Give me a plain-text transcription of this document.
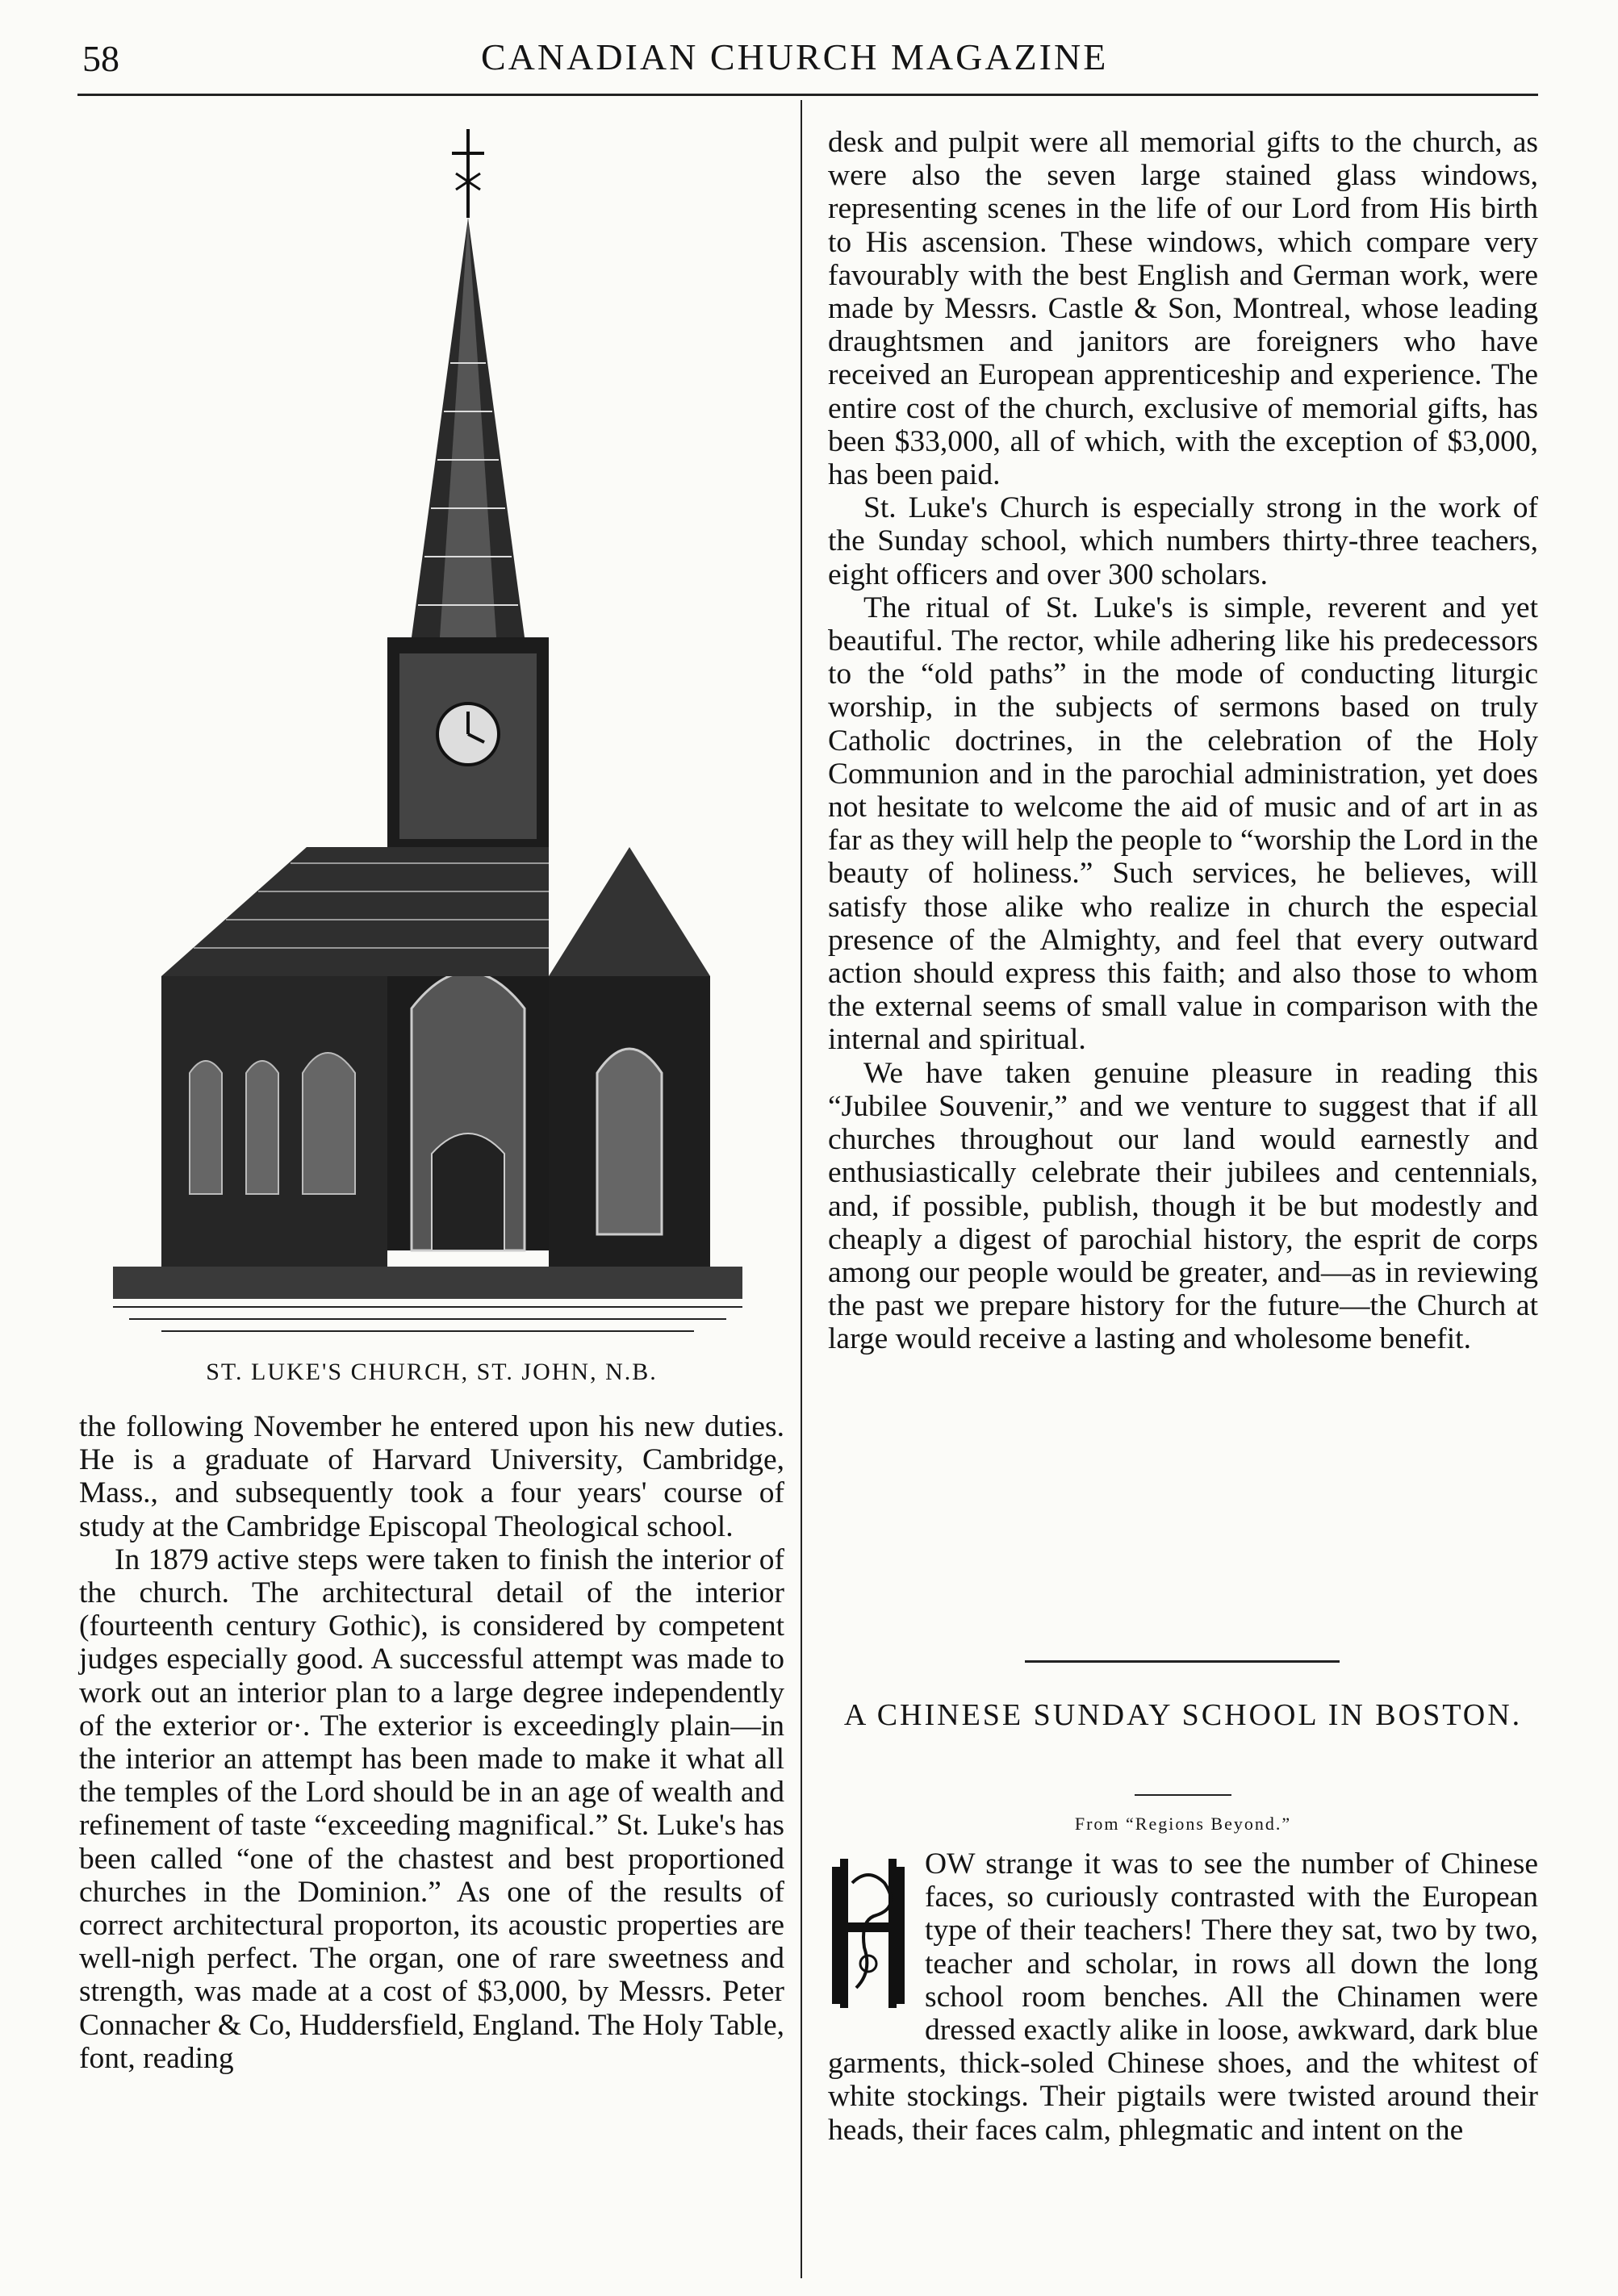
58	CANADIAN CHURCH MAGAZINE
ST. LUKE'S CHURCH, ST. JOHN, N.B.

the following November he entered upon his new duties. He is a graduate of Harvard University, Cambridge, Mass., and subsequently took a four years' course of study at the Cambridge Episcopal Theological school.

In 1879 active steps were taken to finish the interior of the church. The architectural detail of the interior (fourteenth century Gothic), is considered by competent judges especially good. A successful attempt was made to work out an interior plan to a large degree independently of the exterior or·. The exterior is exceedingly plain—in the interior an attempt has been made to make it what all the temples of the Lord should be in an age of wealth and refinement of taste “exceeding magnifical.” St. Luke's has been called “one of the chastest and best proportioned churches in the Dominion.” As one of the results of correct architectural proporton, its acoustic properties are well-nigh perfect. The organ, one of rare sweetness and strength, was made at a cost of $3,000, by Messrs. Peter Connacher & Co, Huddersfield, England. The Holy Table, font, reading

desk and pulpit were all memorial gifts to the church, as were also the seven large stained glass windows, representing scenes in the life of our Lord from His birth to His ascension. These windows, which compare very favourably with the best English and German work, were made by Messrs. Castle & Son, Montreal, whose leading draughtsmen and janitors are foreigners who have received an European apprenticeship and experience. The entire cost of the church, exclusive of memorial gifts, has been $33,000, all of which, with the exception of $3,000, has been paid.

St. Luke's Church is especially strong in the work of the Sunday school, which numbers thirty-three teachers, eight officers and over 300 scholars.

The ritual of St. Luke's is simple, reverent and yet beautiful. The rector, while adhering like his predecessors to the “old paths” in the mode of conducting liturgic worship, in the subjects of sermons based on truly Catholic doctrines, in the celebration of the Holy Communion and in the parochial administration, yet does not hesitate to welcome the aid of music and of art in as far as they will help the people to “worship the Lord in the beauty of holiness.” Such services, he believes, will satisfy those alike who realize in church the especial presence of the Almighty, and feel that every outward action should express this faith; and also those to whom the external seems of small value in comparison with the internal and spiritual.

We have taken genuine pleasure in reading this “Jubilee Souvenir,” and we venture to suggest that if all churches throughout our land would earnestly and enthusiastically celebrate their jubilees and centennials, and, if possible, publish, though it be but modestly and cheaply a digest of parochial history, the esprit de corps among our people would be greater, and—as in reviewing the past we prepare history for the future—the Church at large would receive a lasting and wholesome benefit.

A CHINESE SUNDAY SCHOOL IN BOSTON.
From “Regions Beyond.”
OW strange it was to see the number of Chinese faces, so curiously contrasted with the European type of their teachers! There they sat, two by two, teacher and scholar, in rows all down the long school room benches. All the Chinamen were dressed exactly alike in loose, awkward, dark blue garments, thick-soled Chinese shoes, and the whitest of white stockings. Their pigtails were twisted around their heads, their faces calm, phlegmatic and intent on the
